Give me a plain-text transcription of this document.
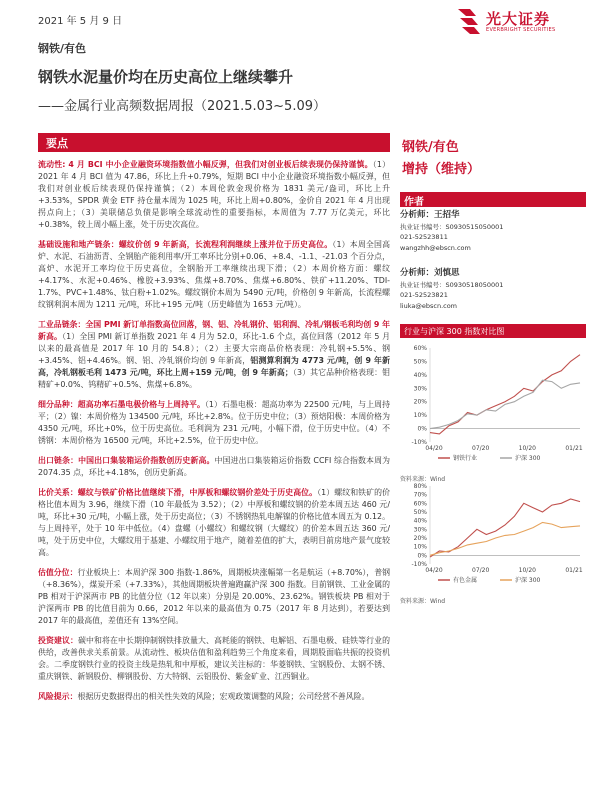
2021 年 5 月 9 日	光大证券
EVERBRIGHT SECURITIES
钢铁/有色
钢铁水泥量价均在历史高位上继续攀升
——金属行业高频数据周报（2021.5.03~5.09）
要点

流动性: 4 月 BCI 中小企业融资环境指数值小幅反弹，但我们对创业板后续表现仍保持谨慎。（1）2021 年 4 月 BCI 值为 47.86，环比上升+0.79%，短期 BCI 中小企业融资环境指数小幅反弹，但我们对创业板后续表现仍保持谨慎；（2）本周伦敦金现价格为 1831 美元/盎司，环比上升+3.53%，SPDR 黄金 ETF 持仓量本周为 1025 吨，环比上周+0.80%，金价自 2021 年 4 月出现拐点向上；（3）美联储总负债是影响全球流动性的重要指标，本周值为 7.77 万亿美元，环比+0.38%，较上周小幅上涨，处于历史次高位。

基础设施和地产链条：螺纹价创 9 年新高，长流程利润继续上涨并位于历史高位。（1）本周全国高炉、水泥、石油沥青、全钢胎产能利用率/开工率环比分别+0.06、+8.4、-1.1、-21.03 个百分点，高炉、水泥开工率均位于历史高位，全钢胎开工率继续出现下滑；（2）本周价格方面：螺纹+4.17%、水泥+0.46%、橡胶+3.93%、焦煤+8.70%、焦煤+6.80%、铁矿+11.20%、TDI-1.7%、PVC+1.48%、钛白粉+1.02%。螺纹钢价本周为 5490 元/吨，价格创 9 年新高，长流程螺纹钢利润本周为 1211 元/吨，环比+195 元/吨（历史峰值为 1653 元/吨）。

工业品链条：全国 PMI 新订单指数高位回落，钢、铝、冷轧钢价、铝利润、冷轧/钢板毛利均创 9 年新高。（1）全国 PMI 新订单指数 2021 年 4 月为 52.0，环比-1.6 个点，高位回落（2012 年 5 月以来的最高值是 2017 年 10 月的 54.8）；（2）主要大宗商品价格表现：冷轧钢+5.5%、钢+3.45%、铝+4.46%。钢、铝、冷轧钢价均创 9 年新高，铝测算利润为 4773 元/吨，创 9 年新高，冷轧钢板毛利 1473 元/吨，环比上周+159 元/吨，创 9 年新高；（3）其它品种价格表现：钼精矿+0.0%、钨精矿+0.5%、焦煤+6.8%。

细分品种：超高功率石墨电极价格与上周持平。（1）石墨电极：超高功率为 22500 元/吨，与上周持平；（2）镍：本周价格为 134500 元/吨，环比+2.8%。位于历史中位；（3）预焙阳极：本周价格为 4350 元/吨，环比+0%，位于历史高位。毛利润为 231 元/吨，小幅下滑，位于历史中位。（4）不锈钢：本周价格为 16500 元/吨，环比+2.5%，位于历史中位。

出口链条：中国出口集装箱运价指数创历史新高。中国进出口集装箱运价指数 CCFI 综合指数本周为 2074.35 点，环比+4.18%，创历史新高。

比价关系：螺纹与铁矿价格比值继续下滑，中厚板和螺纹钢价差处于历史高位。（1）螺纹和铁矿的价格比值本周为 3.96，继续下滑（10 年最低为 3.52）；（2）中厚板和螺纹钢的价差本周五达 460 元/吨，环比+30 元/吨，小幅上涨，处于历史高位；（3）不锈钢热轧电解镍的价格比值本周五为 0.12。与上周持平，处于 10 年中低位。（4）盘螺（小螺纹）和螺纹钢（大螺纹）的价差本周五达 360 元/吨，处于历史中位，大螺纹用于基建、小螺纹用于地产，随着差值的扩大，表明目前房地产景气度较高。

估值分位：行业板块上：本周沪深 300 指数-1.86%，周期板块涨幅第一名是航运（+8.70%），普钢（+8.36%），煤炭开采（+7.33%），其他周期板块普遍跑赢沪深 300 指数。目前钢铁、工业金属的 PB 相对于沪深两市 PB 的比值分位（12 年以来）分别是 20.00%、23.62%。钢铁板块 PB 相对于沪深两市 PB 的比值目前为 0.66，2012 年以来的最高值为 0.75（2017 年 8 月达到），若要达到 2017 年的最高值，差值还有 13%空间。

投资建议：碳中和将在中长期抑制钢铁排放量大、高耗能的钢铁、电解铝、石墨电极、硅铁等行业的供给，改善供求关系前景。从流动性、板块估值和盈利趋势三个角度来看，周期股面临共振的投资机会。二季度钢铁行业的投资主线是热轧和中厚板，建议关注标的：华菱钢铁、宝钢股份、太钢不锈、重庆钢铁、新钢股份、柳钢股份、方大特钢、云铝股份、紫金矿业、江西铜业。

风险提示：根据历史数据得出的相关性失效的风险；宏观政策调整的风险；公司经营不善风险。

钢铁/有色
增持（维持）
作者
分析师：王招华
执业证书编号：S0930515050001
021-52523811
wangzhh@ebscn.com
分析师：刘慎思
执业证书编号：S0930518050001
021-52523821
liuka@ebscn.com
行业与沪深 300 指数对比图
60%
50%
40%
30%
20%
10%
0%
-10%
04/20	07/20	10/20	01/21
钢铁行业	沪深 300
资料来源：Wind
80%
70%
60%
50%
40%
30%
20%
10%
0%
-10%
04/20	07/20	10/20	01/21
有色金属	沪深 300
资料来源：Wind
